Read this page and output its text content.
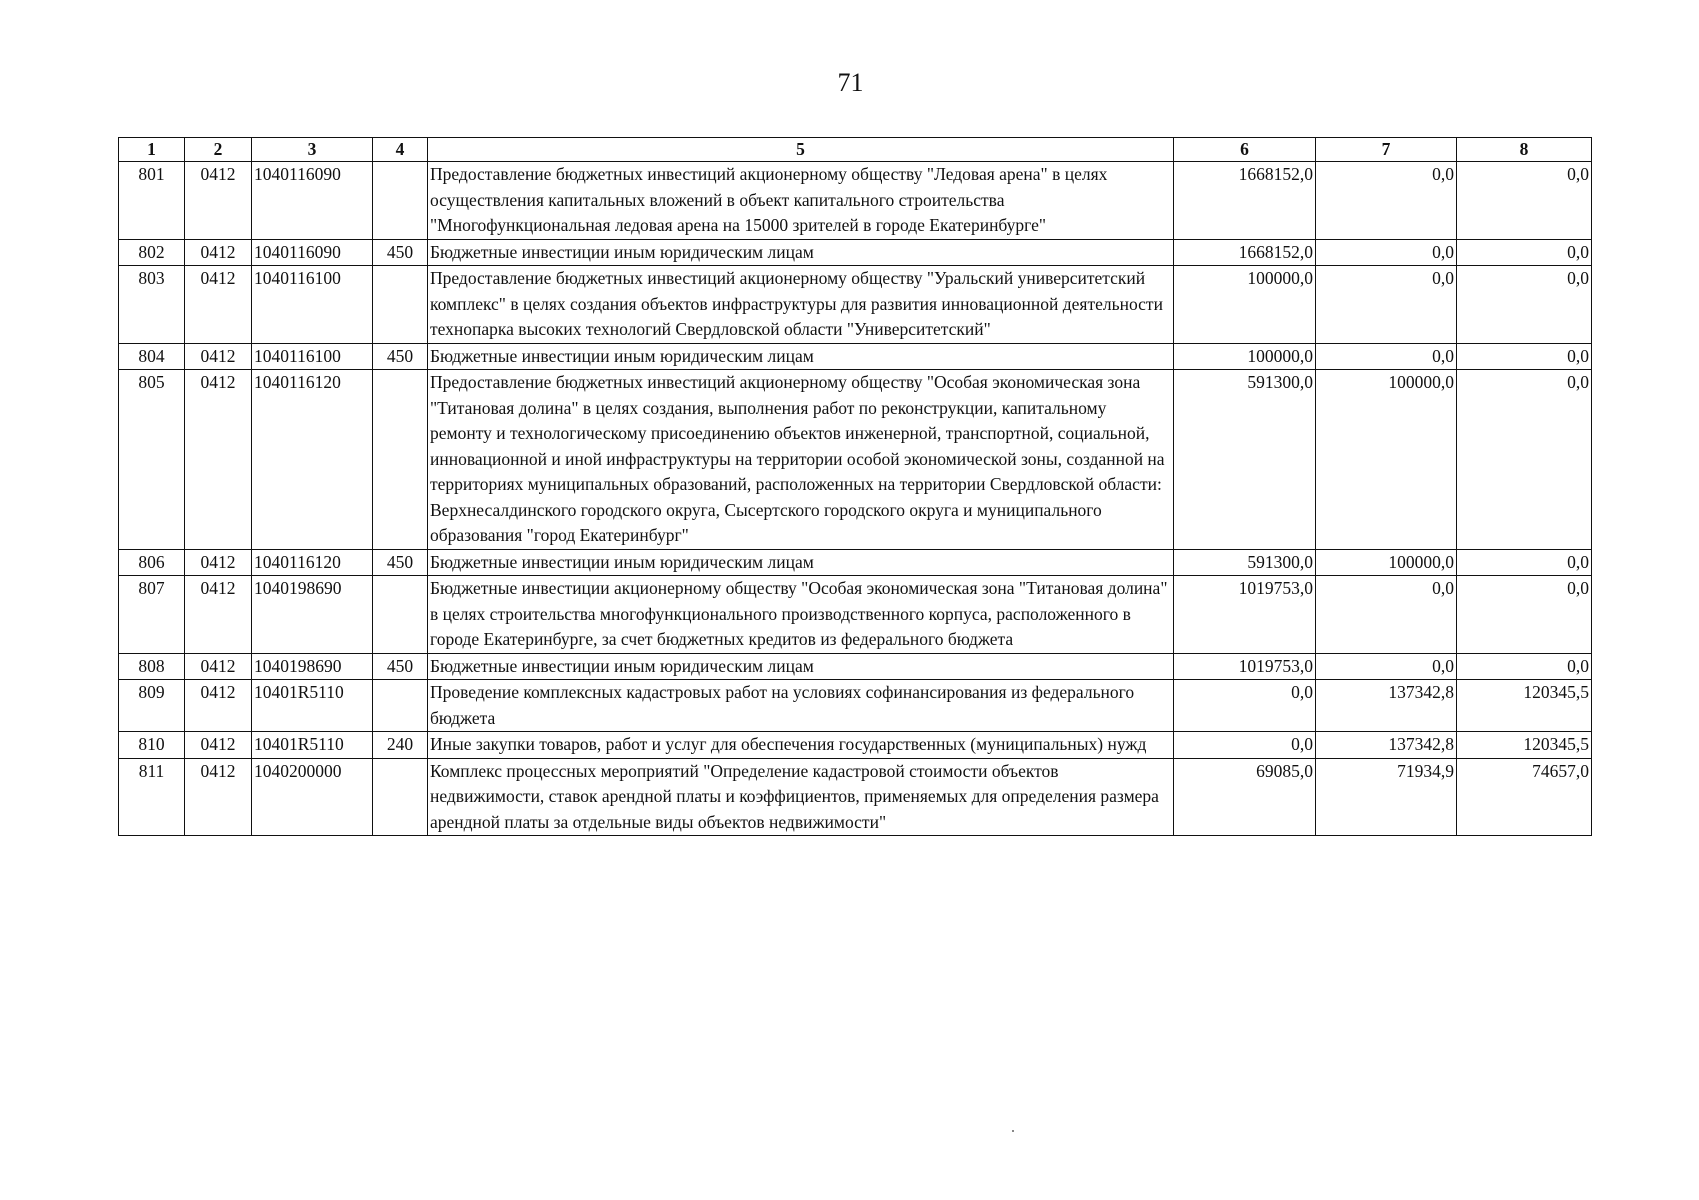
71
1	2	3	4	5	6	7	8
801	0412	1040116090		Предоставление бюджетных инвестиций акционерному обществу "Ледовая арена" в целях осуществления капитальных вложений в объект капитального строительства "Многофункциональная ледовая арена на 15000 зрителей в городе Екатеринбурге"	1668152,0	0,0	0,0
802	0412	1040116090	450	Бюджетные инвестиции иным юридическим лицам	1668152,0	0,0	0,0
803	0412	1040116100		Предоставление бюджетных инвестиций акционерному обществу "Уральский университетский комплекс" в целях создания объектов инфраструктуры для развития инновационной деятельности технопарка высоких технологий Свердловской области "Университетский"	100000,0	0,0	0,0
804	0412	1040116100	450	Бюджетные инвестиции иным юридическим лицам	100000,0	0,0	0,0
805	0412	1040116120		Предоставление бюджетных инвестиций акционерному обществу "Особая экономическая зона "Титановая долина" в целях создания, выполнения работ по реконструкции, капитальному ремонту и технологическому присоединению объектов инженерной, транспортной, социальной, инновационной и иной инфраструктуры на территории особой экономической зоны, созданной на территориях муниципальных образований, расположенных на территории Свердловской области: Верхнесалдинского городского округа, Сысертского городского округа и муниципального образования "город Екатеринбург"	591300,0	100000,0	0,0
806	0412	1040116120	450	Бюджетные инвестиции иным юридическим лицам	591300,0	100000,0	0,0
807	0412	1040198690		Бюджетные инвестиции акционерному обществу "Особая экономическая зона "Титановая долина" в целях строительства многофункционального производственного корпуса, расположенного в городе Екатеринбурге, за счет бюджетных кредитов из федерального бюджета	1019753,0	0,0	0,0
808	0412	1040198690	450	Бюджетные инвестиции иным юридическим лицам	1019753,0	0,0	0,0
809	0412	10401R5110		Проведение комплексных кадастровых работ на условиях софинансирования из федерального бюджета	0,0	137342,8	120345,5
810	0412	10401R5110	240	Иные закупки товаров, работ и услуг для обеспечения государственных (муниципальных) нужд	0,0	137342,8	120345,5
811	0412	1040200000		Комплекс процессных мероприятий "Определение кадастровой стоимости объектов недвижимости, ставок арендной платы и коэффициентов, применяемых для определения размера арендной платы за отдельные виды объектов недвижимости"	69085,0	71934,9	74657,0
